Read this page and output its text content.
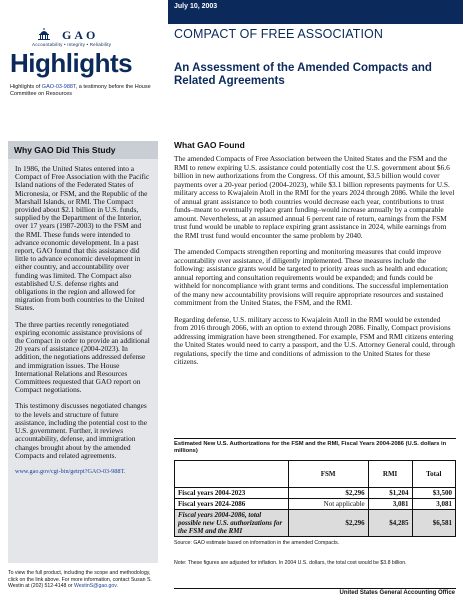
July 10, 2003
GAO
Accountability • Integrity • Reliability
Highlights
Highlights of GAO-03-988T, a testimony before the House Committee on Resources
Why GAO Did This Study

In 1986, the United States entered into a Compact of Free Association with the Pacific Island nations of the Federated States of Micronesia, or FSM, and the Republic of the Marshall Islands, or RMI. The Compact provided about $2.1 billion in U.S. funds, supplied by the Department of the Interior, over 17 years (1987-2003) to the FSM and the RMI. These funds were intended to advance economic development. In a past report, GAO found that this assistance did little to advance economic development in either country, and accountability over funding was limited. The Compact also established U.S. defense rights and obligations in the region and allowed for migration from both countries to the United States.

The three parties recently renegotiated expiring economic assistance provisions of the Compact in order to provide an additional 20 years of assistance (2004-2023). In addition, the negotiations addressed defense and immigration issues. The House International Relations and Resources Committees requested that GAO report on Compact negotiations.

This testimony discusses negotiated changes to the levels and structure of future assistance, including the potential cost to the U.S. government. Further, it reviews accountability, defense, and immigration changes brought about by the amended Compacts and related agreements.

www.gao.gov/cgi-bin/getrpt?GAO-03-988T.
To view the full product, including the scope and methodology, click on the link above. For more information, contact Susan S. Westin at (202) 512-4148 or WestinS@gao.gov.
COMPACT OF FREE ASSOCIATION
An Assessment of the Amended Compacts and Related Agreements
What GAO Found

The amended Compacts of Free Association between the United States and the FSM and the RMI to renew expiring U.S. assistance could potentially cost the U.S. government about $6.6 billion in new authorizations from the Congress. Of this amount, $3.5 billion would cover payments over a 20-year period (2004-2023), while $3.1 billion represents payments for U.S. military access to Kwajalein Atoll in the RMI for the years 2024 through 2086. While the level of annual grant assistance to both countries would decrease each year, contributions to trust funds–meant to eventually replace grant funding–would increase annually by a comparable amount. Nevertheless, at an assumed annual 6 percent rate of return, earnings from the FSM trust fund would be unable to replace expiring grant assistance in 2024, while earnings from the RMI trust fund would encounter the same problem by 2040.

The amended Compacts strengthen reporting and monitoring measures that could improve accountability over assistance, if diligently implemented. These measures include the following: assistance grants would be targeted to priority areas such as health and education; annual reporting and consultation requirements would be expanded; and funds could be withheld for noncompliance with grant terms and conditions. The successful implementation of the many new accountability provisions will require appropriate resources and sustained commitment from the United States, the FSM, and the RMI.

Regarding defense, U.S. military access to Kwajalein Atoll in the RMI would be extended from 2016 through 2066, with an option to extend through 2086. Finally, Compact provisions addressing immigration have been strengthened. For example, FSM and RMI citizens entering the United States would need to carry a passport, and the U.S. Attorney General could, through regulations, specify the time and conditions of admission to the United States for these citizens.

Estimated New U.S. Authorizations for the FSM and the RMI, Fiscal Years 2004-2086 (U.S. dollars in millions)
	FSM	RMI	Total
Fiscal years 2004-2023	$2,296	$1,204	$3,500
Fiscal years 2024-2086	Not applicable	3,081	3,081
Fiscal years 2004-2086, total possible new U.S. authorizations for the FSM and the RMI	$2,296	$4,285	$6,581
Source: GAO estimate based on information in the amended Compacts.
Note: These figures are adjusted for inflation. In 2004 U.S. dollars, the total cost would be $3.8 billion.
United States General Accounting Office
